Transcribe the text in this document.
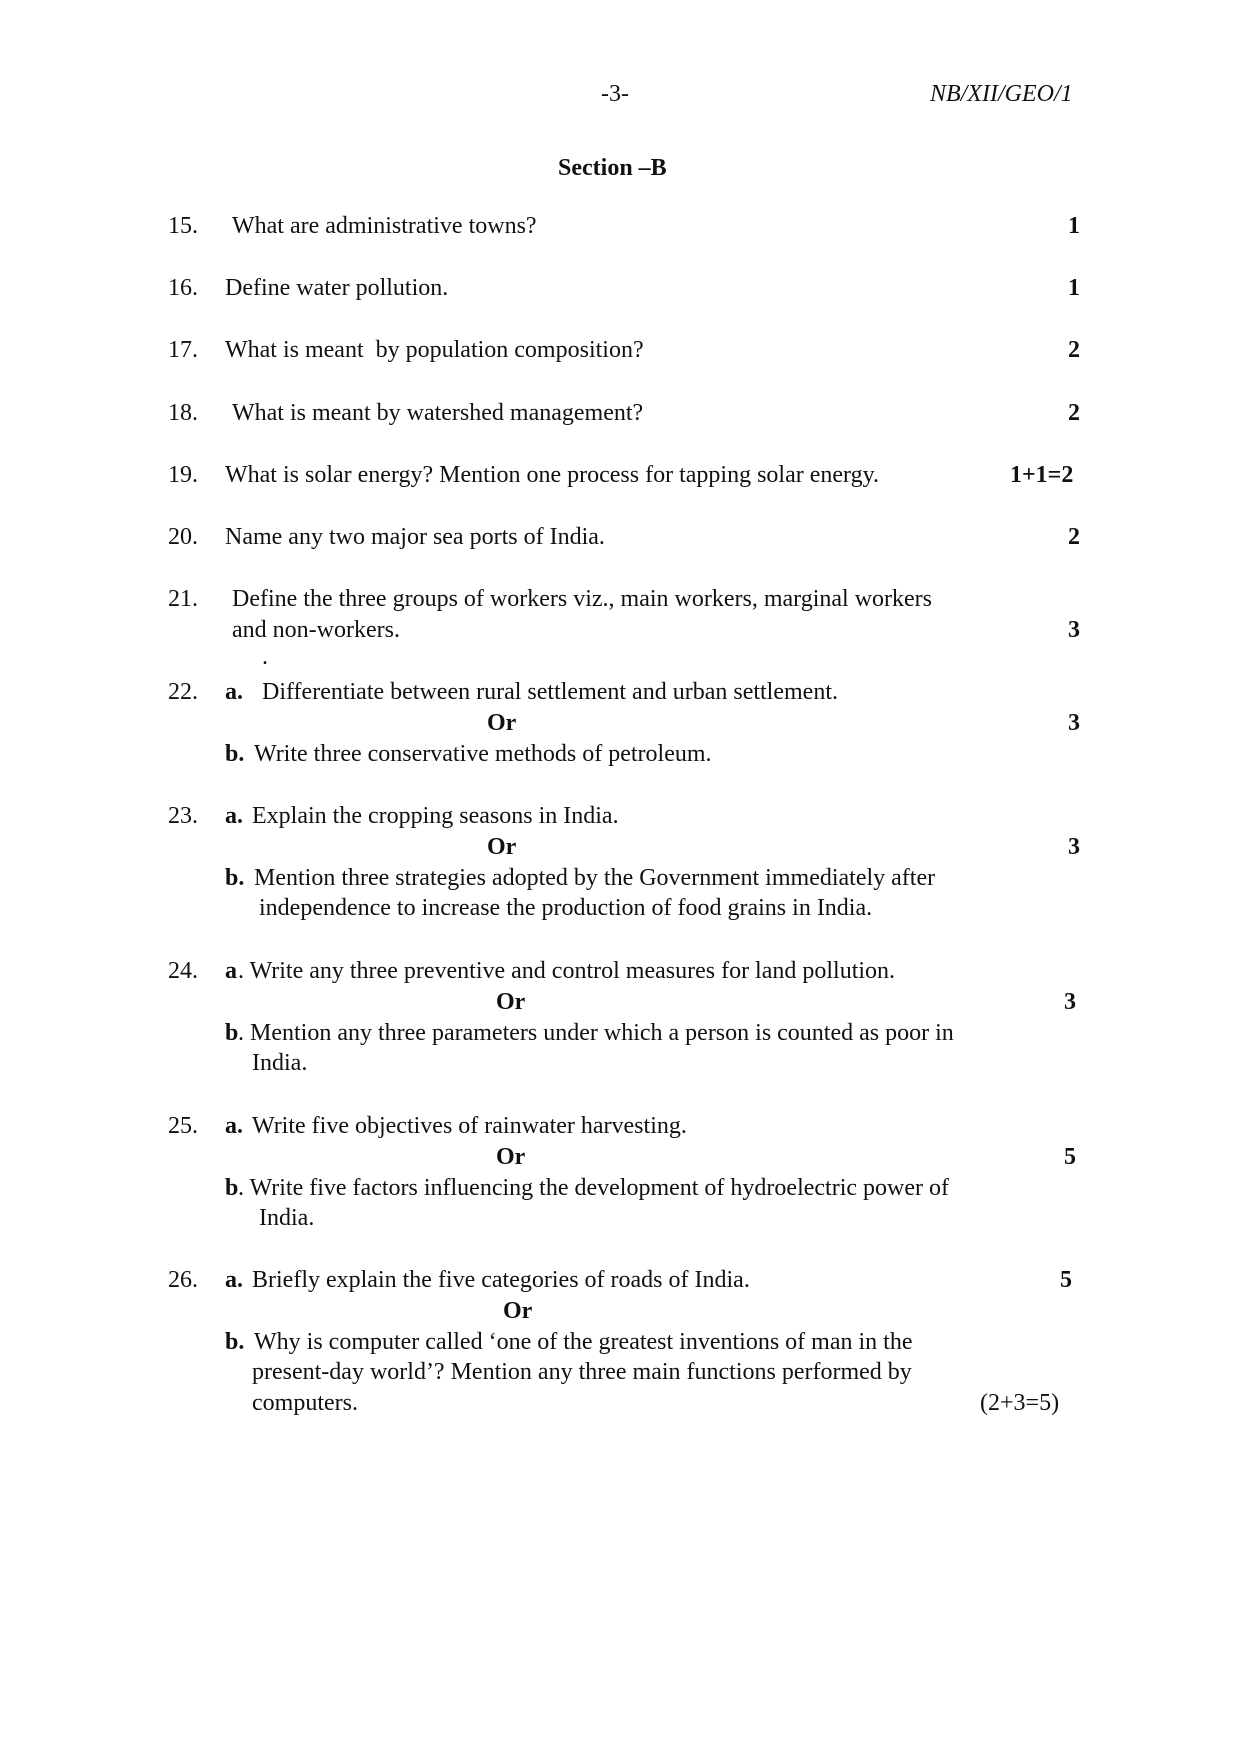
-3-	NB/XII/GEO/1
Section –B
15. What are administrative towns?	1
16. Define water pollution.	1
17. What is meant  by population composition?	2
18. What is meant by watershed management?	2
19. What is solar energy? Mention one process for tapping solar energy.	1+1=2
20. Name any two major sea ports of India.	2
21. Define the three groups of workers viz., main workers, marginal workers
and non-workers.	3
.
22. a. Differentiate between rural settlement and urban settlement.
Or	3
b. Write three conservative methods of petroleum.
23. a. Explain the cropping seasons in India.
Or	3
b. Mention three strategies adopted by the Government immediately after
independence to increase the production of food grains in India.
24. a . Write any three preventive and control measures for land pollution.
Or	3
b . Mention any three parameters under which a person is counted as poor in
India.
25. a. Write five objectives of rainwater harvesting.
Or	5
b . Write five factors influencing the development of hydroelectric power of
India.
26. a. Briefly explain the five categories of roads of India.	5
Or
b. Why is computer called ‘one of the greatest inventions of man in the
present-day world’? Mention any three main functions performed by
computers.	(2+3=5)
